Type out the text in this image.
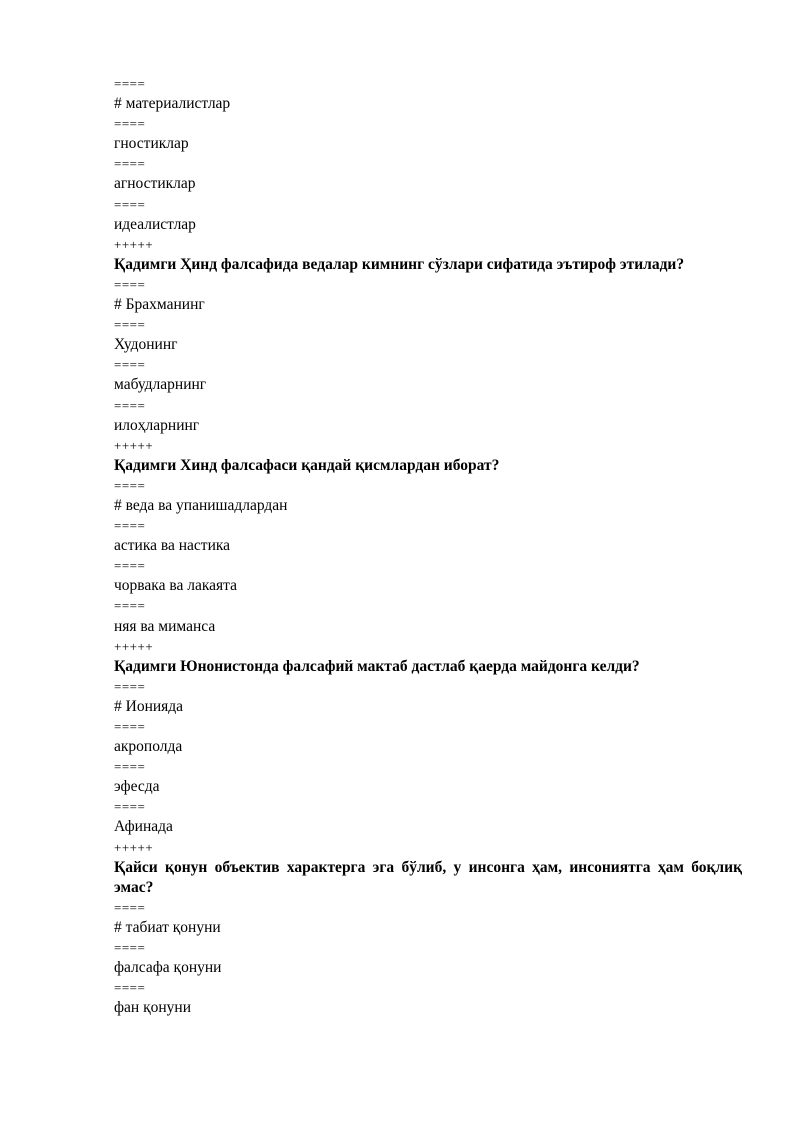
====
# материалистлар
====
гностиклар
====
агностиклар
====
идеалистлар
+++++
Қадимги Ҳинд фалсафида ведалар кимнинг сўзлари сифатида эътироф этилади?
====
# Брахманинг
====
Худонинг
====
мабудларнинг
====
илоҳларнинг
+++++
Қадимги Хинд фалсафаси қандай қисмлардан иборат?
====
# веда ва упанишадлардан
====
астика ва настика
====
чорвака ва лакаята
====
няя ва миманса
+++++
Қадимги Юнонистонда фалсафий мактаб дастлаб қаерда майдонга келди?
====
# Иониядa
====
акрополда
====
эфесда
====
Афинада
+++++
Қайси қонун объектив характерга эга бўлиб, у инсонга ҳам, инсониятга ҳам боқлиқ эмас?
====
# табиат қонуни
====
фалсафа қонуни
====
фан қонуни
